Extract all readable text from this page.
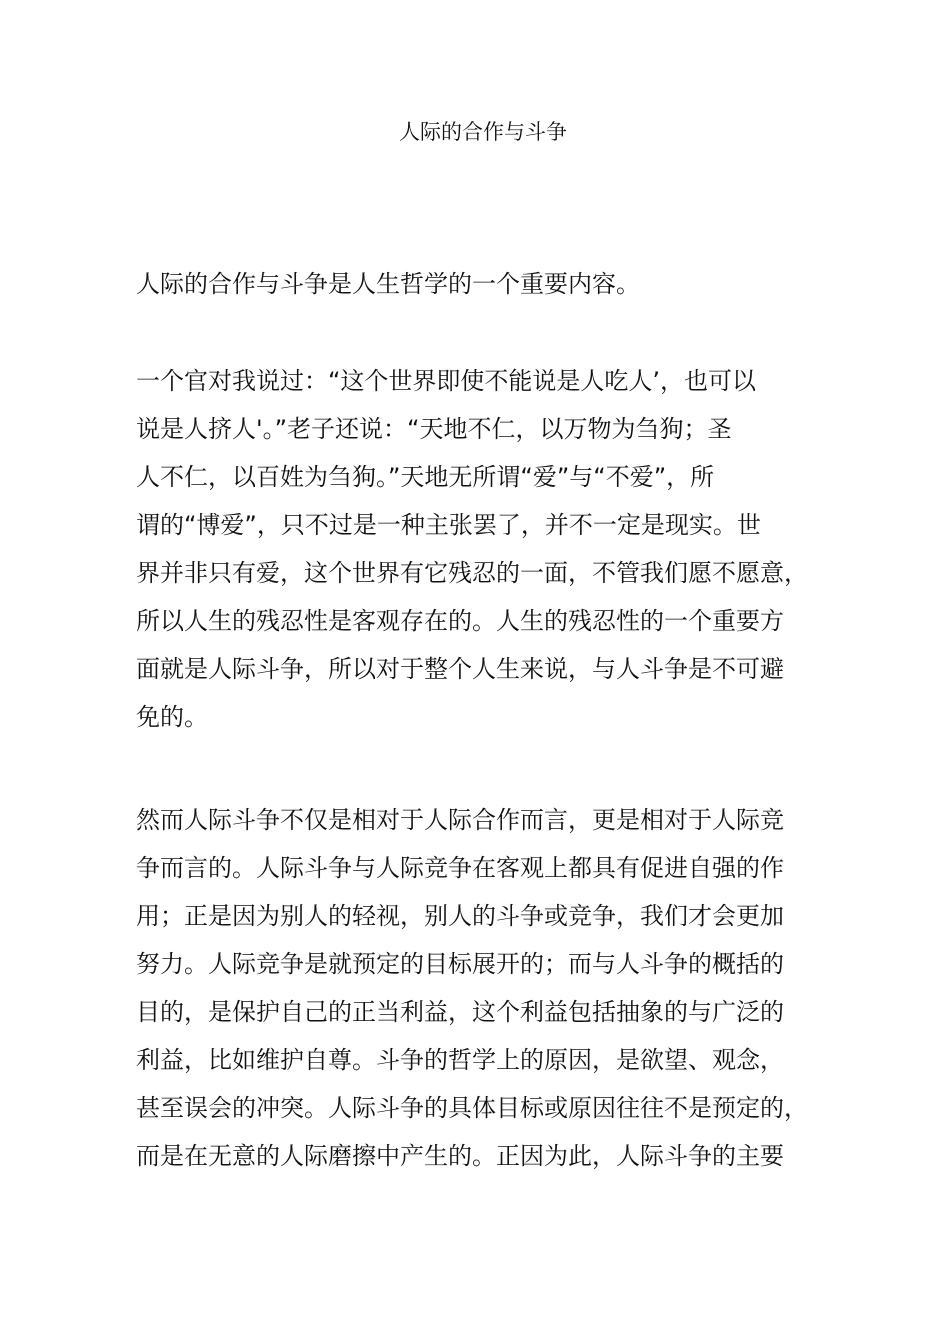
人际的合作与斗争
人际的合作与斗争是人生哲学的一个重要内容。
一个官对我说过：“这个世界即使不能说是人吃人’，也可以
说是人挤人'。”老子还说：“天地不仁，以万物为刍狗；圣
人不仁，以百姓为刍狗。”天地无所谓“爱”与“不爱”，所
谓的“博爱”，只不过是一种主张罢了，并不一定是现实。世
界并非只有爱，这个世界有它残忍的一面，不管我们愿不愿意，
所以人生的残忍性是客观存在的。人生的残忍性的一个重要方
面就是人际斗争，所以对于整个人生来说，与人斗争是不可避
免的。
然而人际斗争不仅是相对于人际合作而言，更是相对于人际竞
争而言的。人际斗争与人际竞争在客观上都具有促进自强的作
用；正是因为别人的轻视，别人的斗争或竞争，我们才会更加
努力。人际竞争是就预定的目标展开的；而与人斗争的概括的
目的，是保护自己的正当利益，这个利益包括抽象的与广泛的
利益，比如维护自尊。斗争的哲学上的原因，是欲望、观念，
甚至误会的冲突。人际斗争的具体目标或原因往往不是预定的，
而是在无意的人际磨擦中产生的。正因为此，人际斗争的主要
